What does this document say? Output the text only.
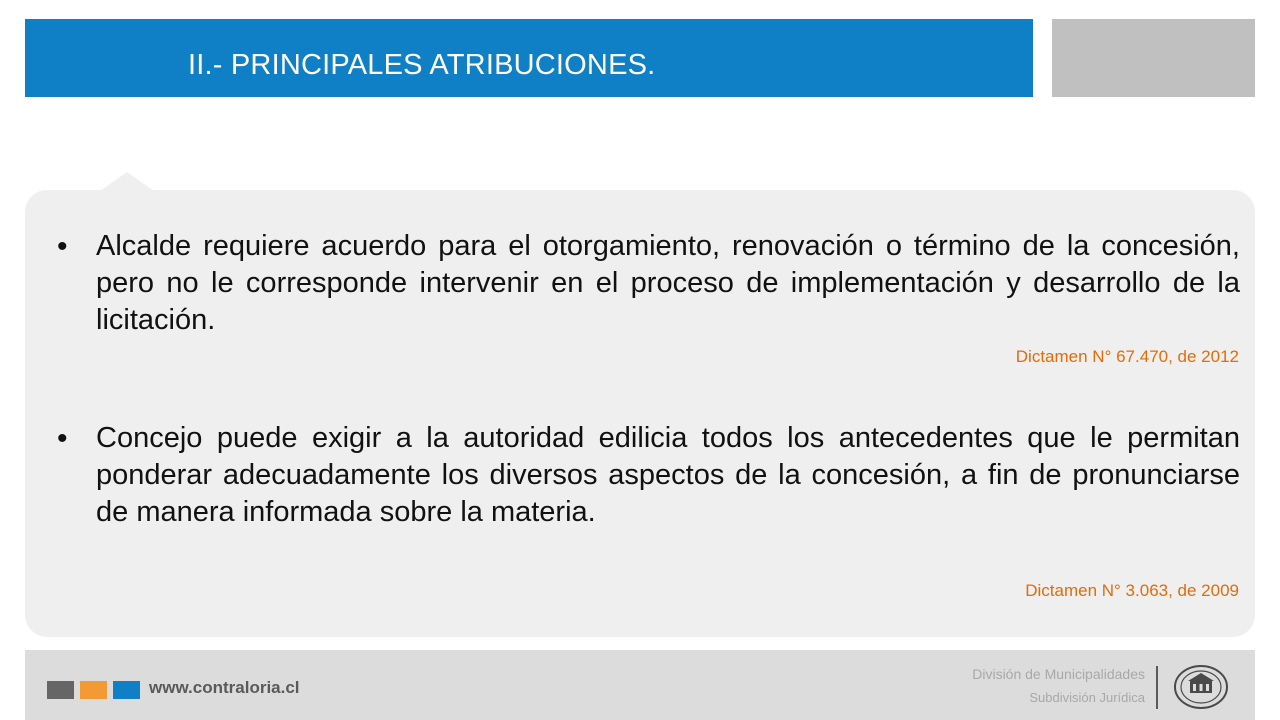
II.- PRINCIPALES ATRIBUCIONES.
• Alcalde requiere acuerdo para el otorgamiento, renovación o término de la concesión, pero no le corresponde intervenir en el proceso de implementación y desarrollo de la licitación.

Dictamen N° 67.470, de 2012

• Concejo puede exigir a la autoridad edilicia todos los antecedentes que le permitan ponderar adecuadamente los diversos aspectos de la concesión, a fin de pronunciarse de manera informada sobre la materia.

Dictamen N° 3.063, de 2009

www.contraloria.cl
División de Municipalidades
Subdivisión Jurídica
